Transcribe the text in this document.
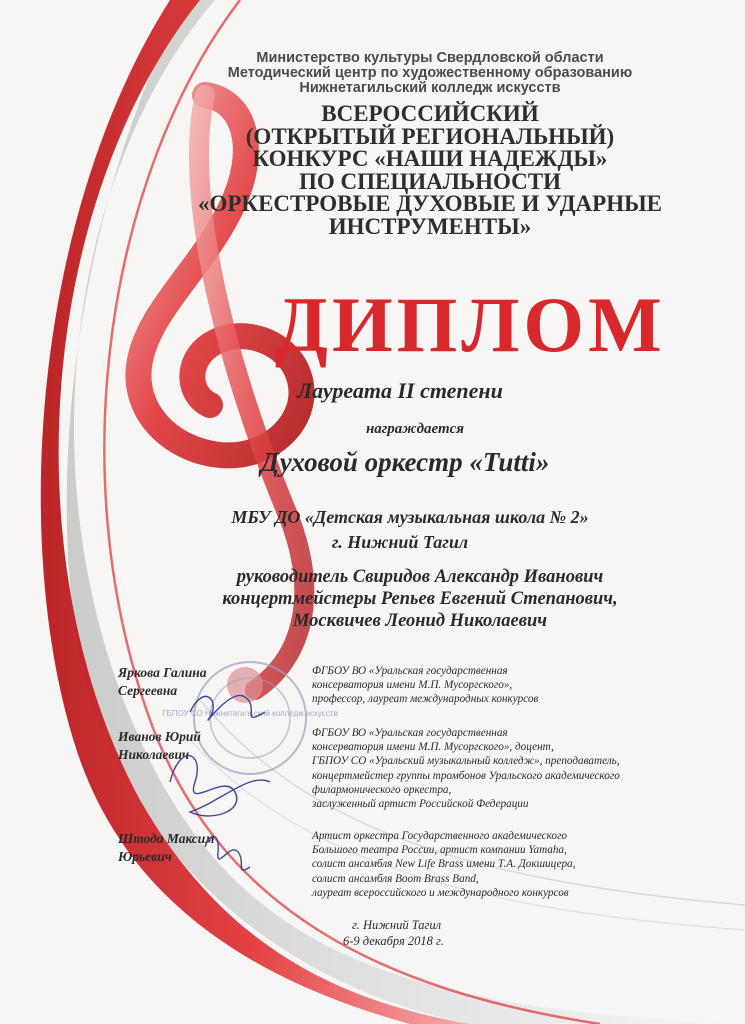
Министерство культуры Свердловской области
Методический центр по художественному образованию
Нижнетагильский колледж искусств
ВСЕРОССИЙСКИЙ
(ОТКРЫТЫЙ РЕГИОНАЛЬНЫЙ)
КОНКУРС «НАШИ НАДЕЖДЫ»
ПО СПЕЦИАЛЬНОСТИ
«ОРКЕСТРОВЫЕ ДУХОВЫЕ И УДАРНЫЕ
ИНСТРУМЕНТЫ»
ДИПЛОМ
Лауреата II степени
награждается
Духовой оркестр «Tutti»
МБУ ДО «Детская музыкальная школа № 2»
г. Нижний Тагил
руководитель Свиридов Александр Иванович
концертмейстеры Репьев Евгений Степанович,
Москвичев Леонид Николаевич
ГБПОУ СО Нижнетагильский колледж искусств
Яркова Галина
Сергеевна
ФГБОУ ВО «Уральская государственная
консерватория имени М.П. Мусоргского»,
профессор, лауреат международных конкурсов
Иванов Юрий
Николаевич
ФГБОУ ВО «Уральская государственная
консерватория имени М.П. Мусоргского», доцент,
ГБПОУ СО «Уральский музыкальный колледж», преподаватель,
концертмейстер группы тромбонов Уральского академического
филармонического оркестра,
заслуженный артист Российской Федерации
Штода Максим
Юрьевич
Артист оркестра Государственного академического
Большого театра России, артист компании Yamaha,
солист ансамбля New Life Brass имени Т.А. Докшицера,
солист ансамбля Boom Brass Band,
лауреат всероссийского и международного конкурсов
г. Нижний Тагил
6-9 декабря 2018 г.
